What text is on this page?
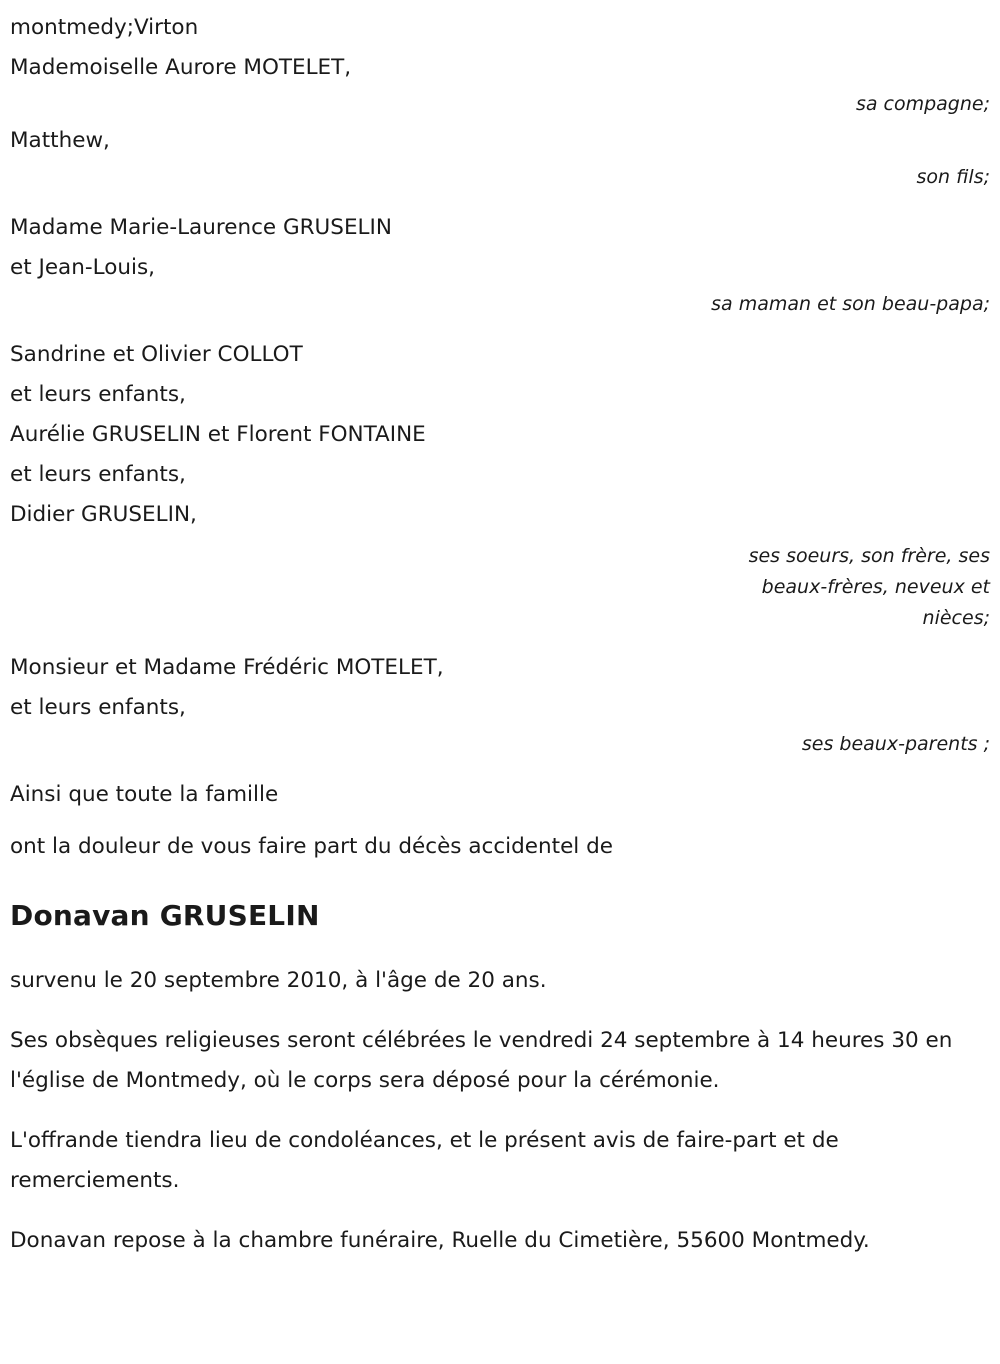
montmedy;Virton
Mademoiselle Aurore MOTELET,
sa compagne;
Matthew,
son fils;
Madame Marie-Laurence GRUSELIN
et Jean-Louis,
sa maman et son beau-papa;
Sandrine et Olivier COLLOT
et leurs enfants,
Aurélie GRUSELIN et Florent FONTAINE
et leurs enfants,
Didier GRUSELIN,
ses soeurs, son frère, ses beaux-frères, neveux et nièces;
Monsieur et Madame Frédéric MOTELET,
et leurs enfants,
ses beaux-parents ;
Ainsi que toute la famille
ont la douleur de vous faire part du décès accidentel de
Donavan GRUSELIN
survenu le 20 septembre 2010, à l'âge de 20 ans.
Ses obsèques religieuses seront célébrées le vendredi 24 septembre à 14 heures 30 en l'église de Montmedy, où le corps sera déposé pour la cérémonie.
L'offrande tiendra lieu de condoléances, et le présent avis de faire-part et de remerciements.
Donavan repose à la chambre funéraire, Ruelle du Cimetière, 55600 Montmedy.
